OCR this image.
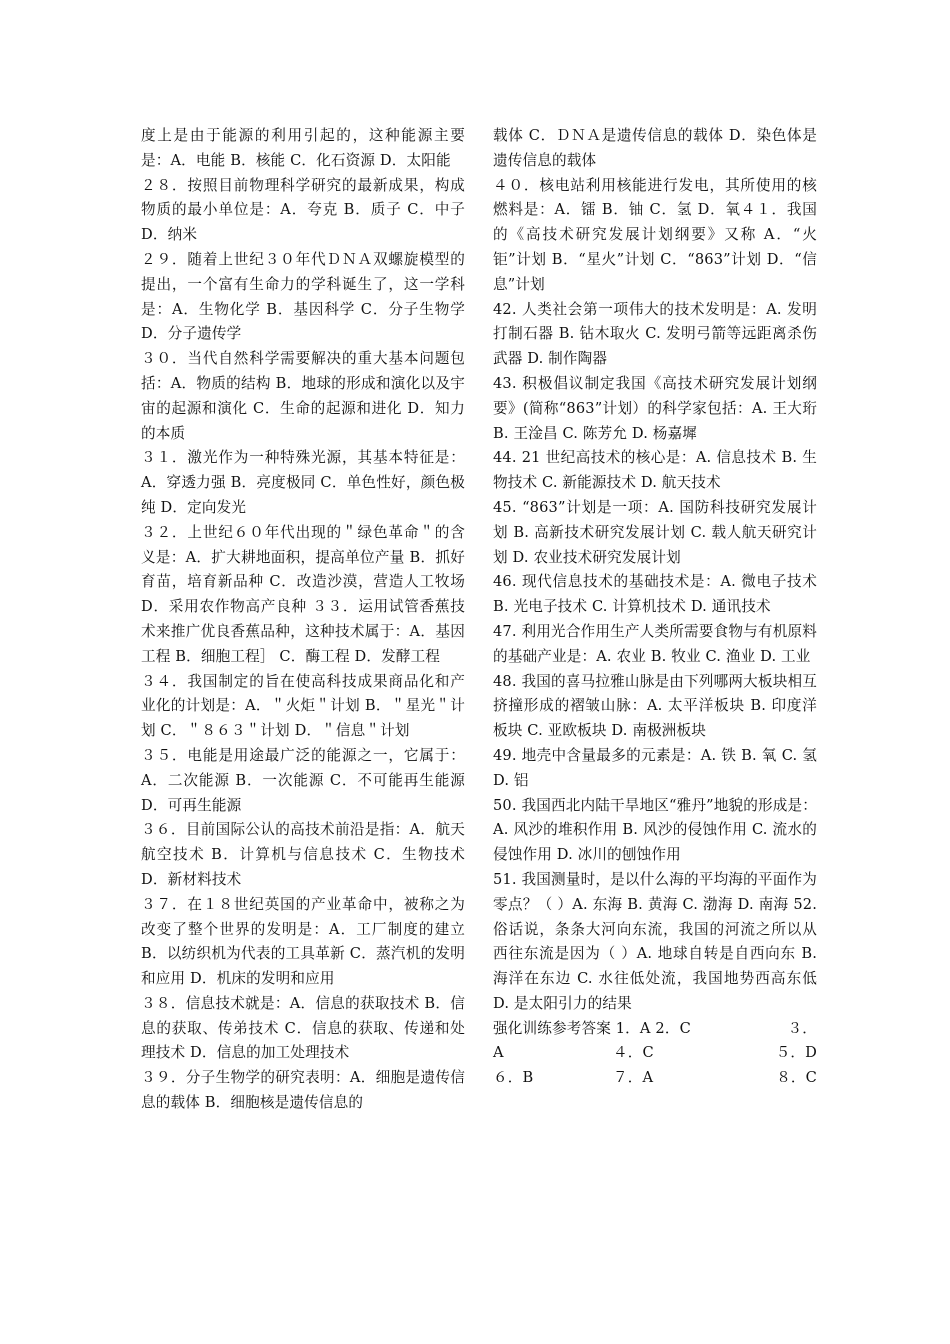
度上是由于能源的利用引起的，这种能源主要是：A．电能 B．核能 C．化石资源 D．太阳能

２８．按照目前物理科学研究的最新成果，构成物质的最小单位是：A．夸克 B．质子 C．中子 D．纳米

２９．随着上世纪３０年代ＤＮＡ双螺旋模型的提出，一个富有生命力的学科诞生了，这一学科是：A．生物化学 B．基因科学 C．分子生物学 D．分子遗传学

３０．当代自然科学需要解决的重大基本问题包括：A．物质的结构 B．地球的形成和演化以及宇宙的起源和演化 C．生命的起源和进化 D．知力的本质

３１．激光作为一种特殊光源，其基本特征是：A．穿透力强 B．亮度极同 C．单色性好，颜色极纯 D．定向发光

３２．上世纪６０年代出现的＂绿色革命＂的含义是：A．扩大耕地面积，提高单位产量 B．抓好育苗，培育新品种 C．改造沙漠，营造人工牧场 D．采用农作物高产良种 ３３．运用试管香蕉技术来推广优良香蕉品种，这种技术属于：A．基因工程 B．细胞工程］ C．酶工程 D．发酵工程

３４．我国制定的旨在使高科技成果商品化和产业化的计划是：A．＂火炬＂计划 B．＂星光＂计划 C．＂８６３＂计划 D．＂信息＂计划

３５．电能是用途最广泛的能源之一，它属于：A．二次能源 B．一次能源 C．不可能再生能源 D．可再生能源

３６．目前国际公认的高技术前沿是指：A．航天航空技术 B．计算机与信息技术 C．生物技术 D．新材料技术

３７．在１８世纪英国的产业革命中，被称之为改变了整个世界的发明是：A．工厂制度的建立 B．以纺织机为代表的工具革新 C．蒸汽机的发明和应用 D．机床的发明和应用

３８．信息技术就是：A．信息的获取技术 B．信息的获取、传弟技术 C．信息的获取、传递和处理技术 D．信息的加工处理技术

３９．分子生物学的研究表明：A．细胞是遗传信息的载体 B．细胞核是遗传信息的

载体 C．ＤＮＡ是遗传信息的载体 D．染色体是遗传信息的载体

４０．核电站利用核能进行发电，其所使用的核燃料是：A．镭 B．铀 C．氢 D．氧４１．我国的《高技术研究发展计划纲要》又称 A．“火钜”计划 B．“星火”计划 C．“863”计划 D．“信息”计划

42. 人类社会第一项伟大的技术发明是：A. 发明打制石器 B. 钻木取火 C. 发明弓箭等远距离杀伤武器 D. 制作陶器

43. 积极倡议制定我国《高技术研究发展计划纲要》(简称“863”计划）的科学家包括：A. 王大珩 B. 王淦昌 C. 陈芳允 D. 杨嘉墀

44. 21 世纪高技术的核心是：A. 信息技术 B. 生物技术 C. 新能源技术 D. 航天技术

45. “863”计划是一项：A. 国防科技研究发展计划 B. 高新技术研究发展计划 C. 载人航天研究计划 D. 农业技术研究发展计划

46. 现代信息技术的基础技术是：A. 微电子技术 B. 光电子技术 C. 计算机技术 D. 通讯技术

47. 利用光合作用生产人类所需要食物与有机原料的基础产业是：A. 农业 B. 牧业 C. 渔业 D. 工业

48. 我国的喜马拉雅山脉是由下列哪两大板块相互挤撞形成的褶皱山脉：A. 太平洋板块 B. 印度洋板块 C. 亚欧板块 D. 南极洲板块

49. 地壳中含量最多的元素是：A. 铁 B. 氧 C. 氢 D. 铝

50. 我国西北内陆干旱地区“雅丹”地貌的形成是：A. 风沙的堆积作用 B. 风沙的侵蚀作用 C. 流水的侵蚀作用 D. 冰川的刨蚀作用

51. 我国测量时，是以什么海的平均海的平面作为零点？（ ）A. 东海 B. 黄海 C. 渤海 D. 南海 52. 俗话说，条条大河向东流，我国的河流之所以从西往东流是因为（ ）A. 地球自转是自西向东 B. 海洋在东边 C. 水往低处流，我国地势西高东低 D. 是太阳引力的结果

强化训练参考答案 1．A 2．C	３．
A	４．C	５．D
６．B	７．A	８．C
